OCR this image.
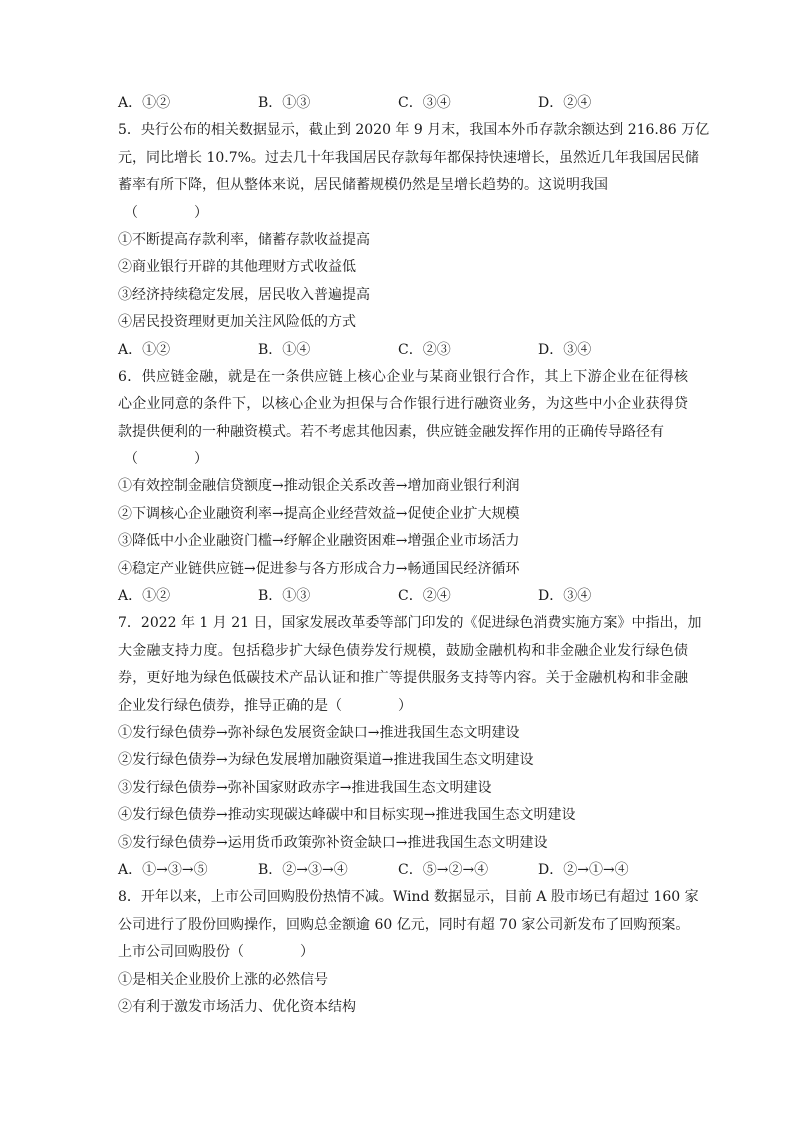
A．①②	B．①③	C．③④	D．②④
5．央行公布的相关数据显示，截止到 2020 年 9 月末，我国本外币存款余额达到 216.86 万亿
元，同比增长 10.7%。过去几十年我国居民存款每年都保持快速增长，虽然近几年我国居民储
蓄率有所下降，但从整体来说，居民储蓄规模仍然是呈增长趋势的。这说明我国
（　　　　）
①不断提高存款利率，储蓄存款收益提高
②商业银行开辟的其他理财方式收益低
③经济持续稳定发展，居民收入普遍提高
④居民投资理财更加关注风险低的方式
A．①②	B．①④	C．②③	D．③④
6．供应链金融，就是在一条供应链上核心企业与某商业银行合作，其上下游企业在征得核
心企业同意的条件下，以核心企业为担保与合作银行进行融资业务，为这些中小企业获得贷
款提供便利的一种融资模式。若不考虑其他因素，供应链金融发挥作用的正确传导路径有
（　　　　）
①有效控制金融信贷额度→推动银企关系改善→增加商业银行利润
②下调核心企业融资利率→提高企业经营效益→促使企业扩大规模
③降低中小企业融资门槛→纾解企业融资困难→增强企业市场活力
④稳定产业链供应链→促进参与各方形成合力→畅通国民经济循环
A．①②	B．①③	C．②④	D．③④
7．2022 年 1 月 21 日，国家发展改革委等部门印发的《促进绿色消费实施方案》中指出，加
大金融支持力度。包括稳步扩大绿色债券发行规模，鼓励金融机构和非金融企业发行绿色债
券，更好地为绿色低碳技术产品认证和推广等提供服务支持等内容。关于金融机构和非金融
企业发行绿色债券，推导正确的是（　　　　）
①发行绿色债券→弥补绿色发展资金缺口→推进我国生态文明建设
②发行绿色债券→为绿色发展增加融资渠道→推进我国生态文明建设
③发行绿色债券→弥补国家财政赤字→推进我国生态文明建设
④发行绿色债券→推动实现碳达峰碳中和目标实现→推进我国生态文明建设
⑤发行绿色债券→运用货币政策弥补资金缺口→推进我国生态文明建设
A．①→③→⑤	B．②→③→④	C．⑤→②→④	D．②→①→④
8．开年以来，上市公司回购股份热情不减。Wind 数据显示，目前 A 股市场已有超过 160 家
公司进行了股份回购操作，回购总金额逾 60 亿元，同时有超 70 家公司新发布了回购预案。
上市公司回购股份（　　　　）
①是相关企业股价上涨的必然信号
②有利于激发市场活力、优化资本结构
